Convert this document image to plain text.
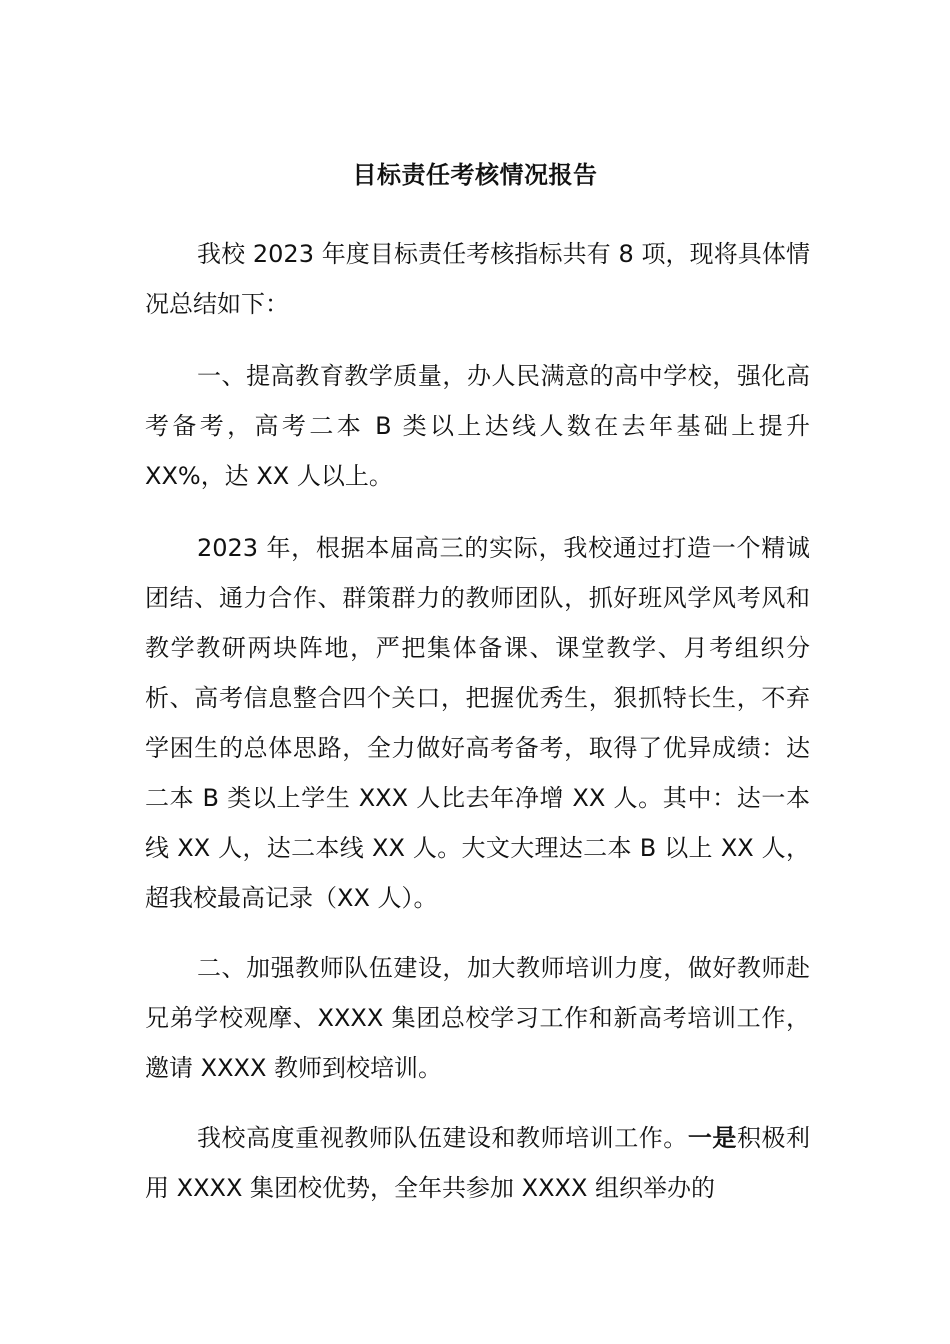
目标责任考核情况报告

我校 2023 年度目标责任考核指标共有 8 项，现将具体情况总结如下：

一、提高教育教学质量，办人民满意的高中学校，强化高考备考，高考二本 B 类以上达线人数在去年基础上提升 XX%，达 XX 人以上。

2023 年，根据本届高三的实际，我校通过打造一个精诚团结、通力合作、群策群力的教师团队，抓好班风学风考风和教学教研两块阵地，严把集体备课、课堂教学、月考组织分析、高考信息整合四个关口，把握优秀生，狠抓特长生，不弃学困生的总体思路，全力做好高考备考，取得了优异成绩：达二本 B 类以上学生 XXX 人比去年净增 XX 人。其中：达一本线 XX 人，达二本线 XX 人。大文大理达二本 B 以上 XX 人，超我校最高记录（XX 人）。

二、加强教师队伍建设，加大教师培训力度，做好教师赴兄弟学校观摩、XXXX 集团总校学习工作和新高考培训工作，邀请 XXXX 教师到校培训。

我校高度重视教师队伍建设和教师培训工作。一是积极利用 XXXX 集团校优势，全年共参加 XXXX 组织举办的
